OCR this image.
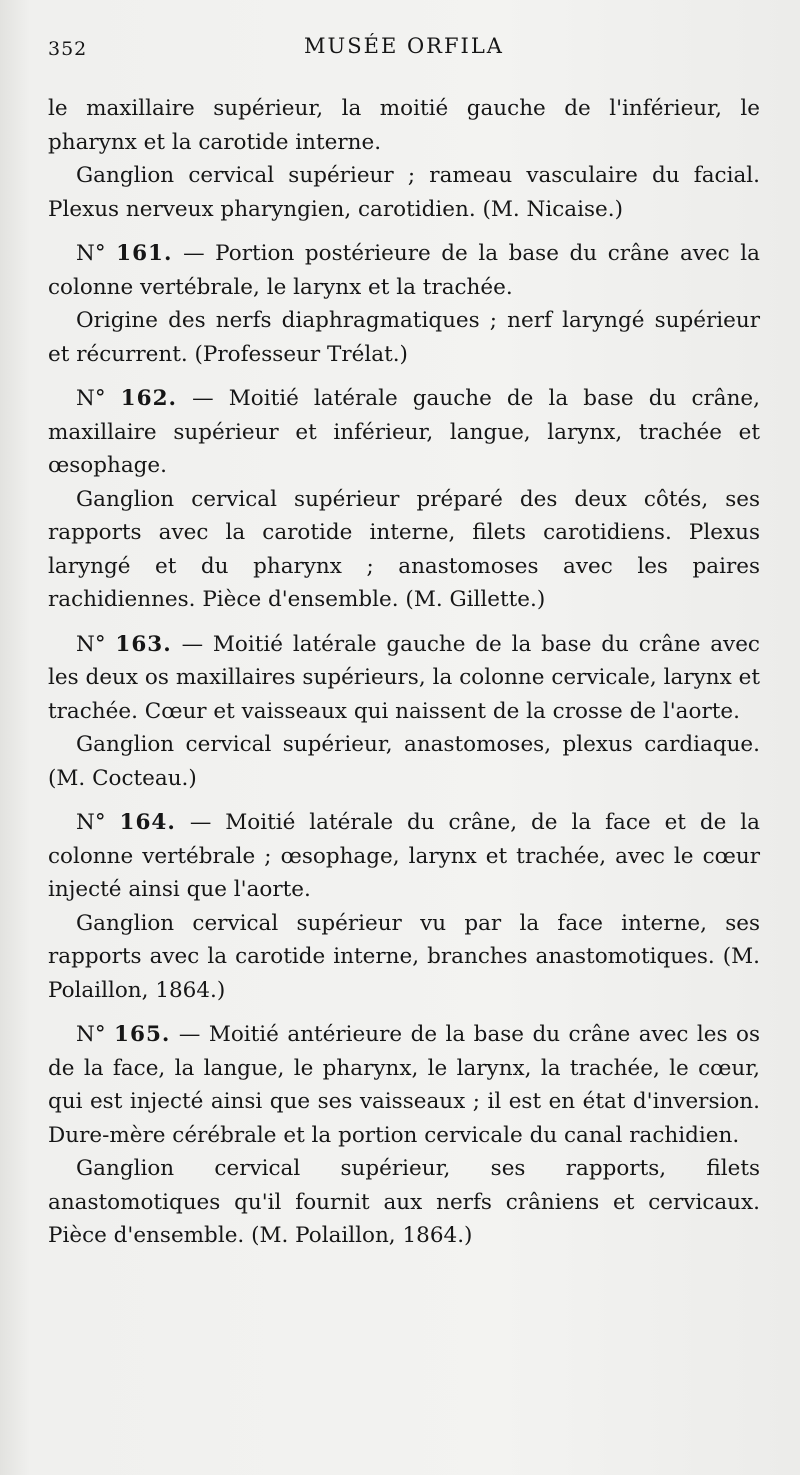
352	MUSÉE ORFILA

le maxillaire supérieur, la moitié gauche de l'inférieur, le pharynx et la carotide interne.

Ganglion cervical supérieur ; rameau vasculaire du facial. Plexus nerveux pharyngien, carotidien. (M. Nicaise.)

N° 161. — Portion postérieure de la base du crâne avec la colonne vertébrale, le larynx et la trachée.

Origine des nerfs diaphragmatiques ; nerf laryngé supérieur et récurrent. (Professeur Trélat.)

N° 162. — Moitié latérale gauche de la base du crâne, maxillaire supérieur et inférieur, langue, larynx, trachée et œsophage.

Ganglion cervical supérieur préparé des deux côtés, ses rapports avec la carotide interne, filets carotidiens. Plexus laryngé et du pharynx ; anastomoses avec les paires rachidiennes. Pièce d'ensemble. (M. Gillette.)

N° 163. — Moitié latérale gauche de la base du crâne avec les deux os maxillaires supérieurs, la colonne cervicale, larynx et trachée. Cœur et vaisseaux qui naissent de la crosse de l'aorte.

Ganglion cervical supérieur, anastomoses, plexus cardiaque. (M. Cocteau.)

N° 164. — Moitié latérale du crâne, de la face et de la colonne vertébrale ; œsophage, larynx et trachée, avec le cœur injecté ainsi que l'aorte.

Ganglion cervical supérieur vu par la face interne, ses rapports avec la carotide interne, branches anastomotiques. (M. Polaillon, 1864.)

N° 165. — Moitié antérieure de la base du crâne avec les os de la face, la langue, le pharynx, le larynx, la trachée, le cœur, qui est injecté ainsi que ses vaisseaux ; il est en état d'inversion. Dure-mère cérébrale et la portion cervicale du canal rachidien.

Ganglion cervical supérieur, ses rapports, filets anastomotiques qu'il fournit aux nerfs crâniens et cervicaux. Pièce d'ensemble. (M. Polaillon, 1864.)
